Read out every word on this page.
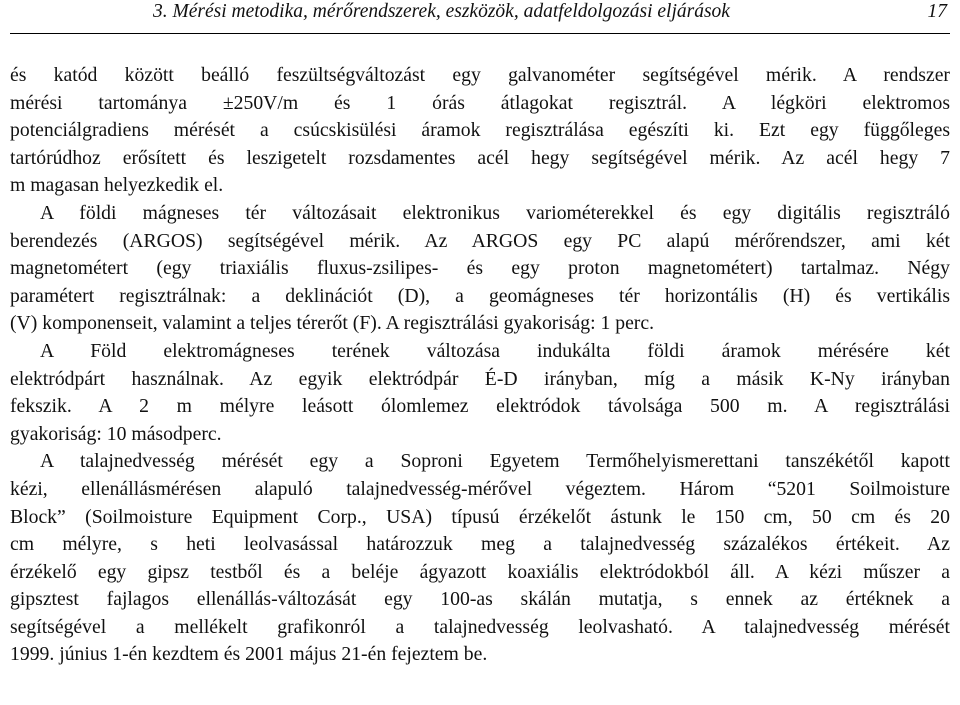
3. Mérési metodika, mérőrendszerek, eszközök, adatfeldolgozási eljárások	17
és katód között beálló feszültségváltozást egy galvanométer segítségével mérik. A rendszer
mérési tartománya ±250V/m és 1 órás átlagokat regisztrál. A légköri elektromos
potenciálgradiens mérését a csúcskisülési áramok regisztrálása egészíti ki. Ezt egy függőleges
tartórúdhoz erősített és leszigetelt rozsdamentes acél hegy segítségével mérik. Az acél hegy 7
m magasan helyezkedik el.
A földi mágneses tér változásait elektronikus variométerekkel és egy digitális regisztráló
berendezés (ARGOS) segítségével mérik. Az ARGOS egy PC alapú mérőrendszer, ami két
magnetométert (egy triaxiális fluxus-zsilipes- és egy proton magnetométert) tartalmaz. Négy
paramétert regisztrálnak: a deklinációt (D), a geomágneses tér horizontális (H) és vertikális
(V) komponenseit, valamint a teljes térerőt (F). A regisztrálási gyakoriság: 1 perc.
A Föld elektromágneses terének változása indukálta földi áramok mérésére két
elektródpárt használnak. Az egyik elektródpár É-D irányban, míg a másik K-Ny irányban
fekszik. A 2 m mélyre leásott ólomlemez elektródok távolsága 500 m. A regisztrálási
gyakoriság: 10 másodperc.
A talajnedvesség mérését egy a Soproni Egyetem Termőhelyismerettani tanszékétől kapott
kézi, ellenállásmérésen alapuló talajnedvesség-mérővel végeztem. Három “5201 Soilmoisture
Block” (Soilmoisture Equipment Corp., USA) típusú érzékelőt ástunk le 150 cm, 50 cm és 20
cm mélyre, s heti leolvasással határozzuk meg a talajnedvesség százalékos értékeit. Az
érzékelő egy gipsz testből és a beléje ágyazott koaxiális elektródokból áll. A kézi műszer a
gipsztest fajlagos ellenállás-változását egy 100-as skálán mutatja, s ennek az értéknek a
segítségével a mellékelt grafikonról a talajnedvesség leolvasható. A talajnedvesség mérését
1999. június 1-én kezdtem és 2001 május 21-én fejeztem be.
